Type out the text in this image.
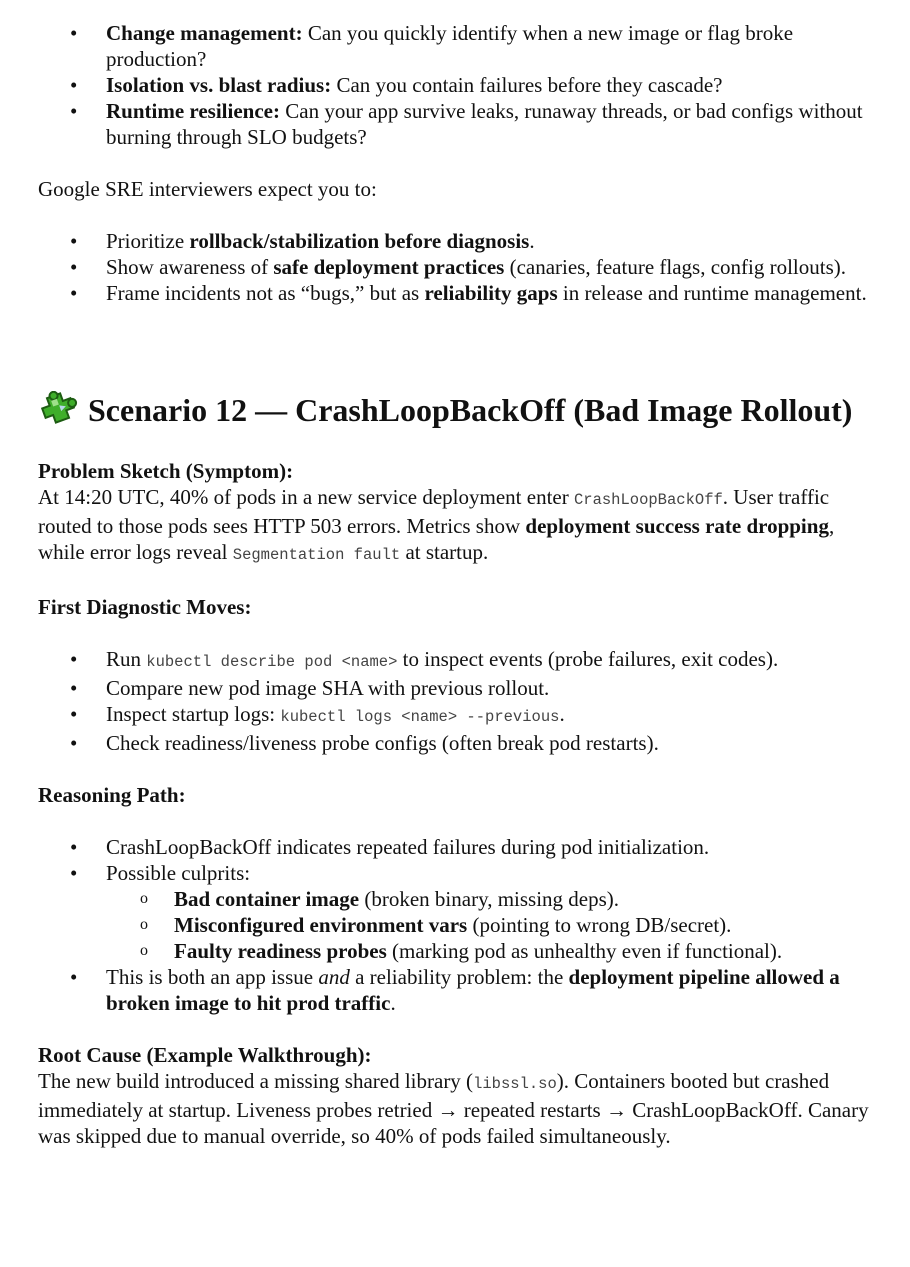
• Change management: Can you quickly identify when a new image or flag broke production?
• Isolation vs. blast radius: Can you contain failures before they cascade?
• Runtime resilience: Can your app survive leaks, runaway threads, or bad configs without burning through SLO budgets?

Google SRE interviewers expect you to:

• Prioritize rollback/stabilization before diagnosis.
• Show awareness of safe deployment practices (canaries, feature flags, config rollouts).
• Frame incidents not as “bugs,” but as reliability gaps in release and runtime management.
Scenario 12 — CrashLoopBackOff (Bad Image Rollout)

Problem Sketch (Symptom):

At 14:20 UTC, 40% of pods in a new service deployment enter CrashLoopBackOff. User traffic routed to those pods sees HTTP 503 errors. Metrics show deployment success rate dropping, while error logs reveal Segmentation fault at startup.

First Diagnostic Moves:

• Run kubectl describe pod <name> to inspect events (probe failures, exit codes).
• Compare new pod image SHA with previous rollout.
• Inspect startup logs: kubectl logs <name> --previous.
• Check readiness/liveness probe configs (often break pod restarts).

Reasoning Path:

• CrashLoopBackOff indicates repeated failures during pod initialization.
• Possible culprits:
o Bad container image (broken binary, missing deps).
o Misconfigured environment vars (pointing to wrong DB/secret).
o Faulty readiness probes (marking pod as unhealthy even if functional).
• This is both an app issue and a reliability problem: the deployment pipeline allowed a broken image to hit prod traffic.

Root Cause (Example Walkthrough):

The new build introduced a missing shared library (libssl.so). Containers booted but crashed immediately at startup. Liveness probes retried → repeated restarts → CrashLoopBackOff. Canary was skipped due to manual override, so 40% of pods failed simultaneously.
